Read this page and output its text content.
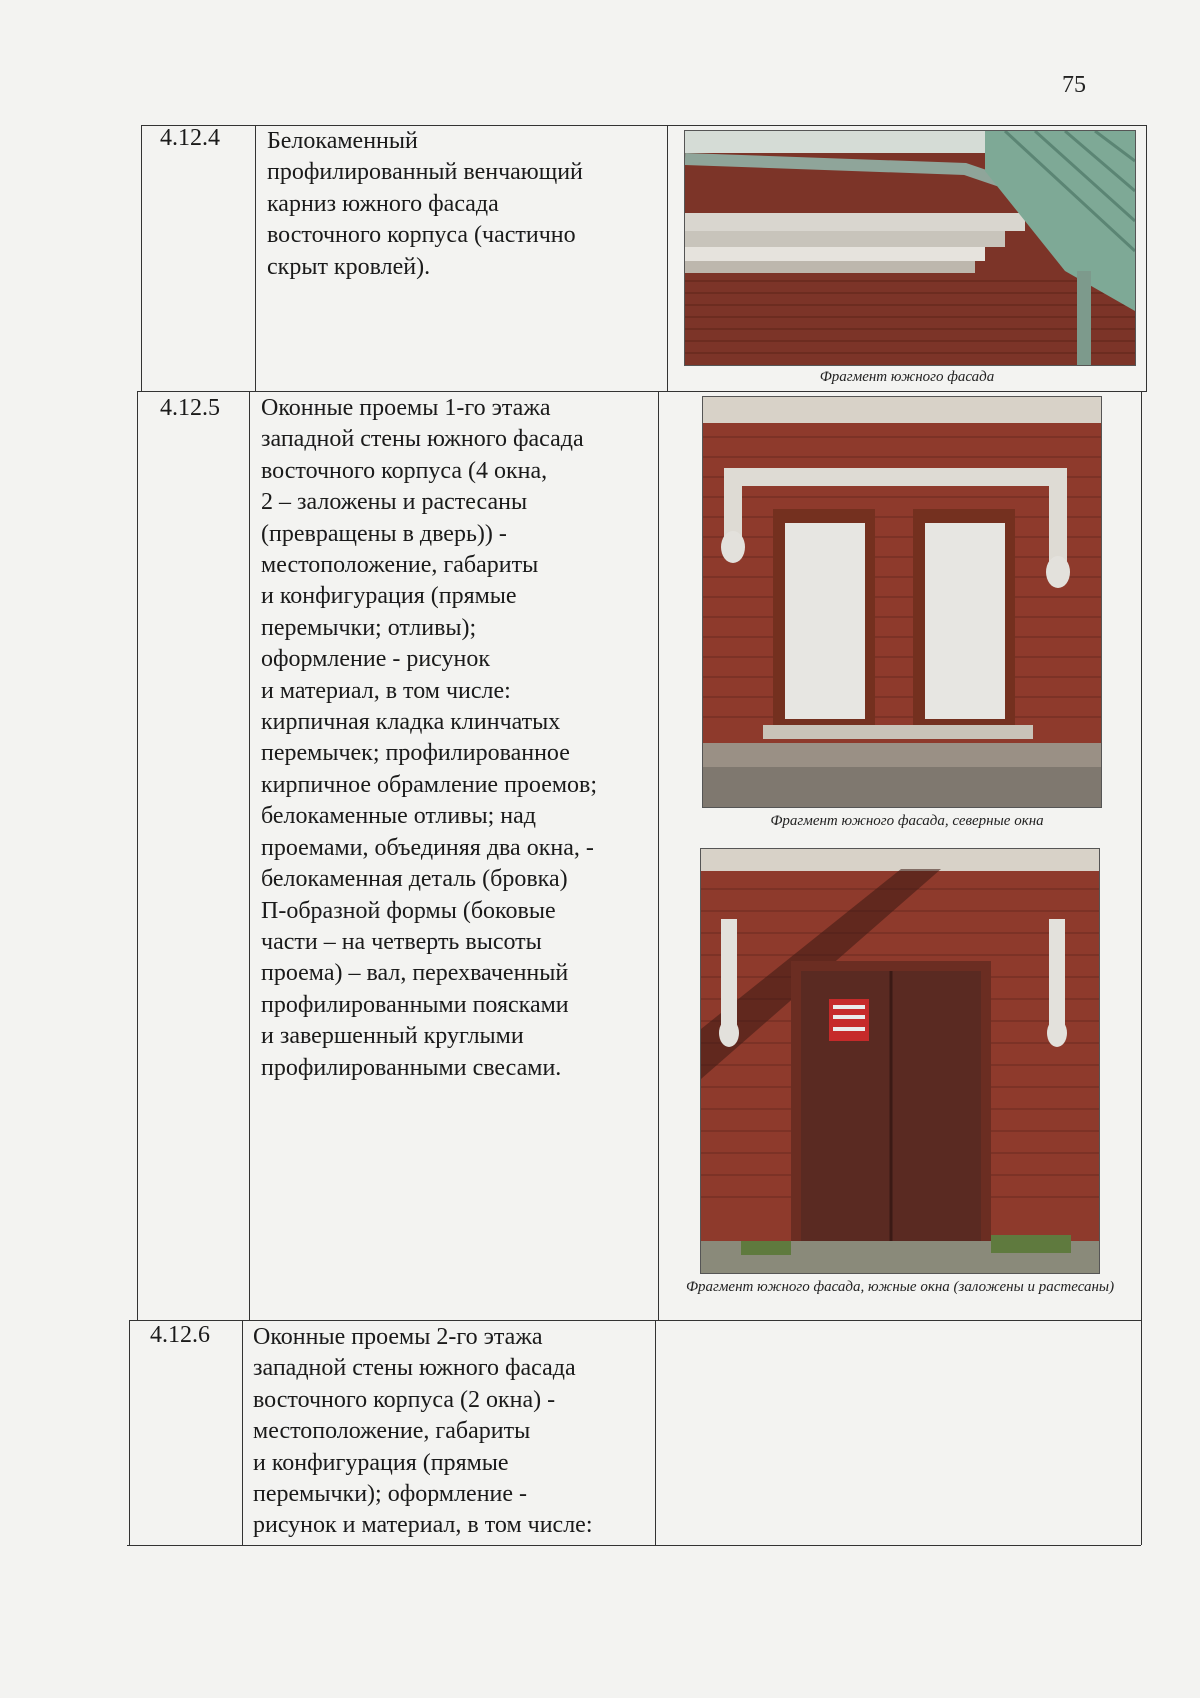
75
4.12.4 Белокаменный
профилированный венчающий
карниз южного фасада
восточного корпуса (частично
скрыт кровлей).
Фрагмент южного фасада
4.12.5 Оконные проемы 1-го этажа
западной стены южного фасада
восточного корпуса (4 окна,
2 – заложены и растесаны
(превращены в дверь)) -
местоположение, габариты
и конфигурация (прямые
перемычки; отливы);
оформление - рисунок
и материал, в том числе:
кирпичная кладка клинчатых
перемычек; профилированное
кирпичное обрамление проемов;
белокаменные отливы; над
проемами, объединяя два окна, -
белокаменная деталь (бровка)
П-образной формы (боковые
части – на четверть высоты
проема) – вал, перехваченный
профилированными поясками
и завершенный круглыми
профилированными свесами.
Фрагмент южного фасада, северные окна
Фрагмент южного фасада, южные окна (заложены и растесаны)
4.12.6 Оконные проемы 2-го этажа
западной стены южного фасада
восточного корпуса (2 окна) -
местоположение, габариты
и конфигурация (прямые
перемычки); оформление -
рисунок и материал, в том числе:
